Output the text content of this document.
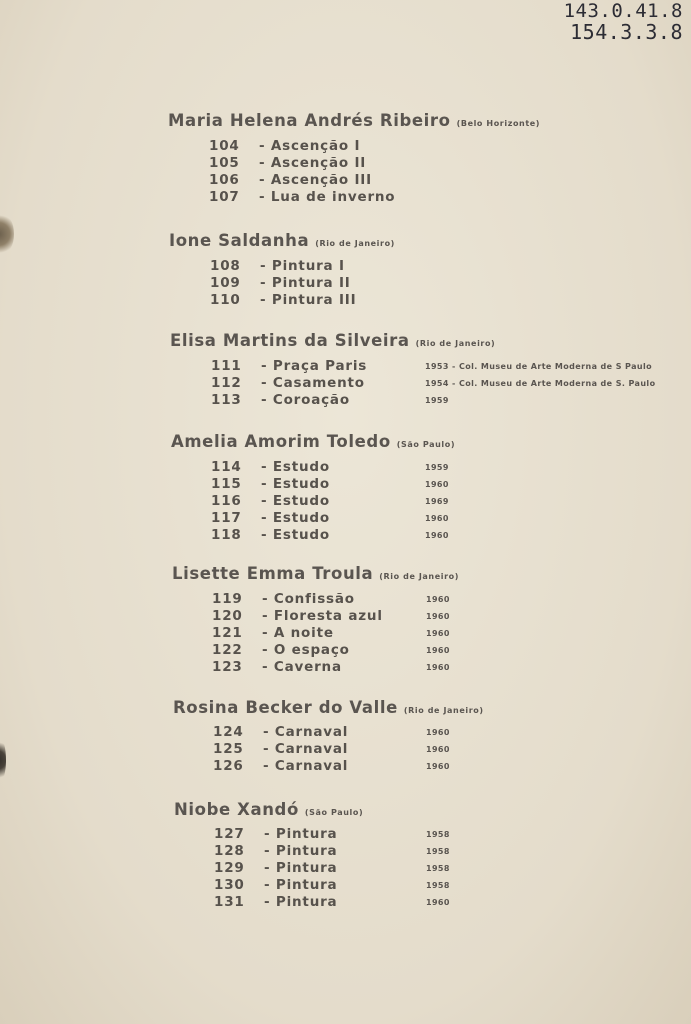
143.0.41.8
154.3.3.8
Maria Helena Andrés Ribeiro (Belo Horizonte)
104 - Ascenção I
105 - Ascenção II
106 - Ascenção III
107 - Lua de inverno
Ione Saldanha (Rio de Janeiro)
108 - Pintura I
109 - Pintura II
110 - Pintura III
Elisa Martins da Silveira (Rio de Janeiro)
111 - Praça Paris	1953 - Col. Museu de Arte Moderna de S Paulo
112 - Casamento	1954 - Col. Museu de Arte Moderna de S. Paulo
113 - Coroação	1959
Amelia Amorim Toledo (São Paulo)
114 - Estudo	1959
115 - Estudo	1960
116 - Estudo	1969
117 - Estudo	1960
118 - Estudo	1960
Lisette Emma Troula (Rio de Janeiro)
119 - Confissão	1960
120 - Floresta azul	1960
121 - A noite	1960
122 - O espaço	1960
123 - Caverna	1960
Rosina Becker do Valle (Rio de Janeiro)
124 - Carnaval	1960
125 - Carnaval	1960
126 - Carnaval	1960
Niobe Xandó (São Paulo)
127 - Pintura	1958
128 - Pintura	1958
129 - Pintura	1958
130 - Pintura	1958
131 - Pintura	1960
